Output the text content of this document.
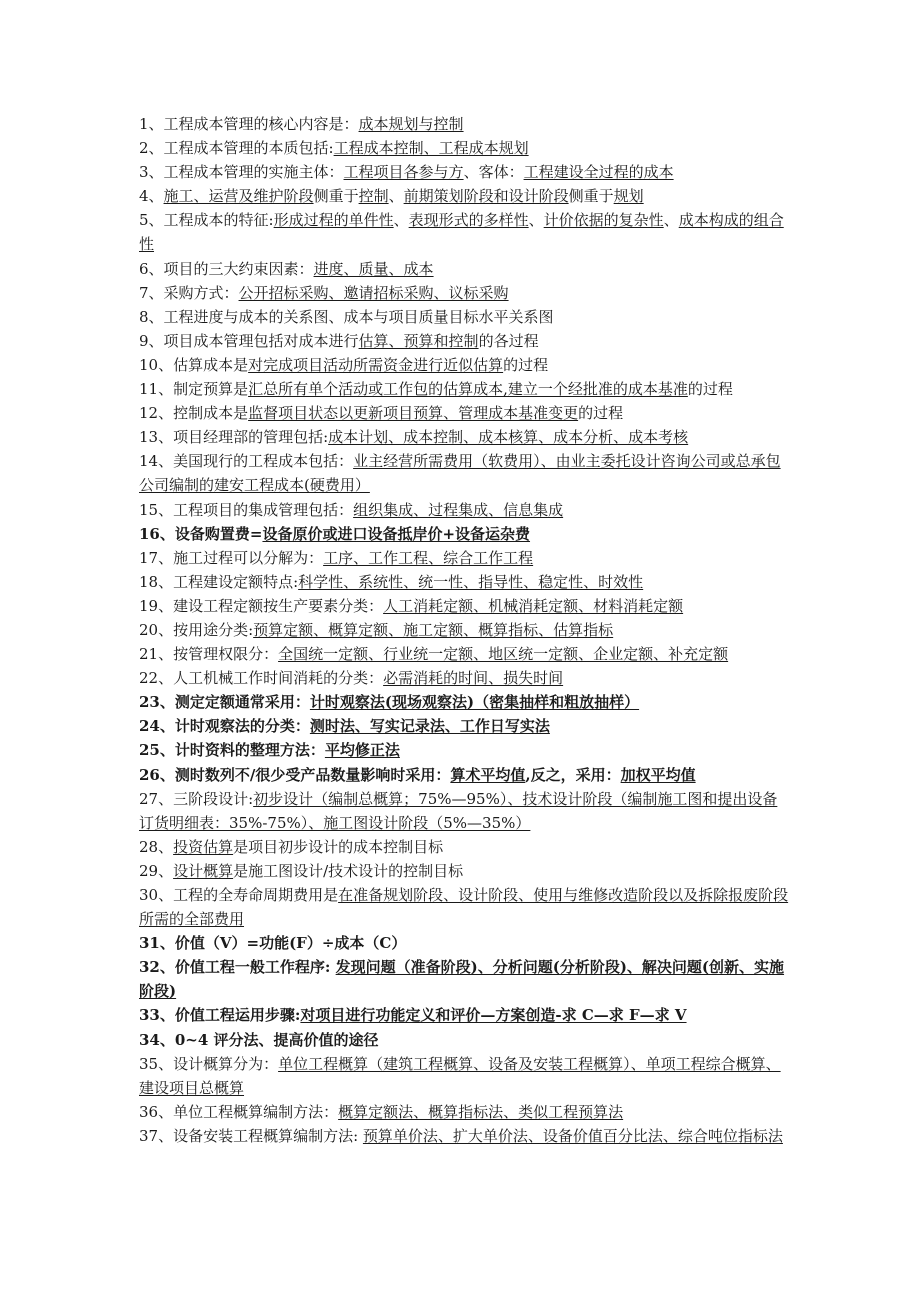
1、工程成本管理的核心内容是：成本规划与控制

2、工程成本管理的本质包括:工程成本控制、工程成本规划

3、工程成本管理的实施主体：工程项目各参与方、客体：工程建设全过程的成本

4、施工、运营及维护阶段侧重于控制、前期策划阶段和设计阶段侧重于规划

5、工程成本的特征:形成过程的单件性、表现形式的多样性、计价依据的复杂性、成本构成的组合性

6、项目的三大约束因素：进度、质量、成本

7、采购方式：公开招标采购、邀请招标采购、议标采购

8、工程进度与成本的关系图、成本与项目质量目标水平关系图

9、项目成本管理包括对成本进行估算、预算和控制的各过程

10、估算成本是对完成项目活动所需资金进行近似估算的过程

11、制定预算是汇总所有单个活动或工作包的估算成本,建立一个经批准的成本基准的过程

12、控制成本是监督项目状态以更新项目预算、管理成本基准变更的过程

13、项目经理部的管理包括:成本计划、成本控制、成本核算、成本分析、成本考核

14、美国现行的工程成本包括：业主经营所需费用（软费用）、由业主委托设计咨询公司或总承包公司编制的建安工程成本(硬费用）

15、工程项目的集成管理包括：组织集成、过程集成、信息集成

16、设备购置费=设备原价或进口设备抵岸价+设备运杂费

17、施工过程可以分解为：工序、工作工程、综合工作工程

18、工程建设定额特点:科学性、系统性、统一性、指导性、稳定性、时效性

19、建设工程定额按生产要素分类：人工消耗定额、机械消耗定额、材料消耗定额

20、按用途分类:预算定额、概算定额、施工定额、概算指标、估算指标

21、按管理权限分：全国统一定额、行业统一定额、地区统一定额、企业定额、补充定额

22、人工机械工作时间消耗的分类：必需消耗的时间、损失时间

23、测定定额通常采用：计时观察法(现场观察法)（密集抽样和粗放抽样）

24、计时观察法的分类：测时法、写实记录法、工作日写实法

25、计时资料的整理方法：平均修正法

26、测时数列不/很少受产品数量影响时采用：算术平均值,反之，采用：加权平均值

27、三阶段设计:初步设计（编制总概算；75%—95%）、技术设计阶段（编制施工图和提出设备订货明细表：35%-75%）、施工图设计阶段（5%—35%）

28、投资估算是项目初步设计的成本控制目标

29、设计概算是施工图设计/技术设计的控制目标

30、工程的全寿命周期费用是在准备规划阶段、设计阶段、使用与维修改造阶段以及拆除报废阶段所需的全部费用

31、价值（V）=功能(F）÷成本（C）

32、价值工程一般工作程序: 发现问题（准备阶段)、分析问题(分析阶段)、解决问题(创新、实施阶段)

33、价值工程运用步骤:对项目进行功能定义和评价—方案创造-求 C—求 F—求 V

34、0~4 评分法、提高价值的途径

35、设计概算分为：单位工程概算（建筑工程概算、设备及安装工程概算）、单项工程综合概算、建设项目总概算

36、单位工程概算编制方法：概算定额法、概算指标法、类似工程预算法

37、设备安装工程概算编制方法: 预算单价法、扩大单价法、设备价值百分比法、综合吨位指标法
